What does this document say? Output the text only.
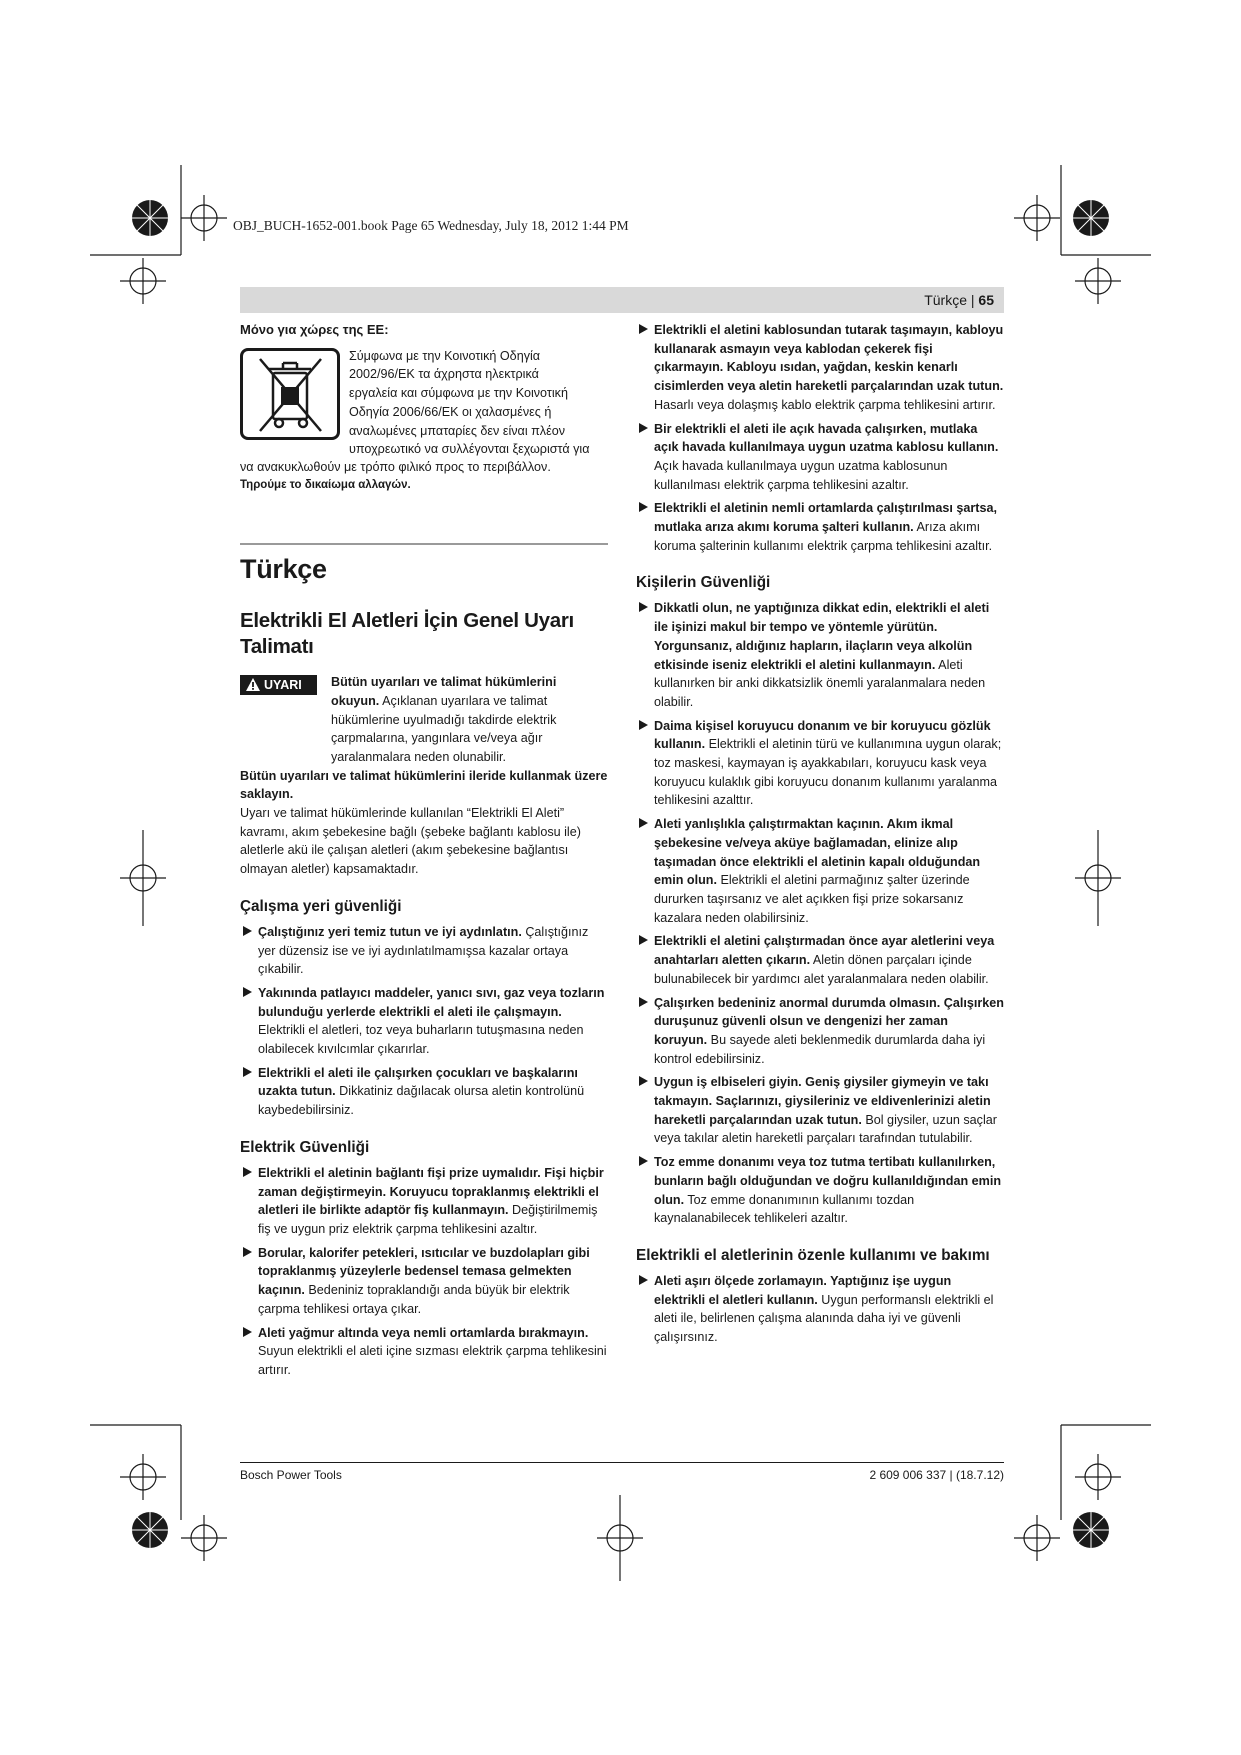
OBJ_BUCH-1652-001.book Page 65 Wednesday, July 18, 2012 1:44 PM
Türkçe | 65

Μόνο για χώρες της ΕΕ:

Σύμφωνα με την Κοινοτική Οδηγία
2002/96/ΕΚ τα άχρηστα ηλεκτρικά
εργαλεία και σύμφωνα με την Κοινοτική
Οδηγία 2006/66/ΕΚ οι χαλασμένες ή
αναλωμένες μπαταρίες δεν είναι πλέον
υποχρεωτικό να συλλέγονται ξεχωριστά για

να ανακυκλωθούν με τρόπο φιλικό προς το περιβάλλον.

Τηρούμε το δικαίωμα αλλαγών.

Türkçe
Elektrikli El Aletleri İçin Genel Uyarı Talimatı
UYARI	Bütün uyarıları ve talimat hükümlerini okuyun. Açıklanan uyarılara ve talimat hükümlerine uyulmadığı takdirde elektrik çarpmalarına, yangınlara ve/veya ağır yaralanmalara neden olunabilir.

Bütün uyarıları ve talimat hükümlerini ileride kullanmak üzere saklayın.

Uyarı ve talimat hükümlerinde kullanılan “Elektrikli El Aleti” kavramı, akım şebekesine bağlı (şebeke bağlantı kablosu ile) aletlerle akü ile çalışan aletleri (akım şebekesine bağlantısı olmayan aletler) kapsamaktadır.

Çalışma yeri güvenliği
Çalıştığınız yeri temiz tutun ve iyi aydınlatın. Çalıştığınız yer düzensiz ise ve iyi aydınlatılmamışsa kazalar ortaya çıkabilir.
Yakınında patlayıcı maddeler, yanıcı sıvı, gaz veya tozların bulunduğu yerlerde elektrikli el aleti ile çalışmayın. Elektrikli el aletleri, toz veya buharların tutuşmasına neden olabilecek kıvılcımlar çıkarırlar.
Elektrikli el aleti ile çalışırken çocukları ve başkalarını uzakta tutun. Dikkatiniz dağılacak olursa aletin kontrolünü kaybedebilirsiniz.
Elektrik Güvenliği
Elektrikli el aletinin bağlantı fişi prize uymalıdır. Fişi hiçbir zaman değiştirmeyin. Koruyucu topraklanmış elektrikli el aletleri ile birlikte adaptör fiş kullanmayın. Değiştirilmemiş fiş ve uygun priz elektrik çarpma tehlikesini azaltır.
Borular, kalorifer petekleri, ısıtıcılar ve buzdolapları gibi topraklanmış yüzeylerle bedensel temasa gelmekten kaçının. Bedeniniz topraklandığı anda büyük bir elektrik çarpma tehlikesi ortaya çıkar.
Aleti yağmur altında veya nemli ortamlarda bırakmayın. Suyun elektrikli el aleti içine sızması elektrik çarpma tehlikesini artırır.
Elektrikli el aletini kablosundan tutarak taşımayın, kabloyu kullanarak asmayın veya kablodan çekerek fişi çıkarmayın. Kabloyu ısıdan, yağdan, keskin kenarlı cisimlerden veya aletin hareketli parçalarından uzak tutun. Hasarlı veya dolaşmış kablo elektrik çarpma tehlikesini artırır.
Bir elektrikli el aleti ile açık havada çalışırken, mutlaka açık havada kullanılmaya uygun uzatma kablosu kullanın. Açık havada kullanılmaya uygun uzatma kablosunun kullanılması elektrik çarpma tehlikesini azaltır.
Elektrikli el aletinin nemli ortamlarda çalıştırılması şartsa, mutlaka arıza akımı koruma şalteri kullanın. Arıza akımı koruma şalterinin kullanımı elektrik çarpma tehlikesini azaltır.
Kişilerin Güvenliği
Dikkatli olun, ne yaptığınıza dikkat edin, elektrikli el aleti ile işinizi makul bir tempo ve yöntemle yürütün. Yorgunsanız, aldığınız hapların, ilaçların veya alkolün etkisinde iseniz elektrikli el aletini kullanmayın. Aleti kullanırken bir anki dikkatsizlik önemli yaralanmalara neden olabilir.
Daima kişisel koruyucu donanım ve bir koruyucu gözlük kullanın. Elektrikli el aletinin türü ve kullanımına uygun olarak; toz maskesi, kaymayan iş ayakkabıları, koruyucu kask veya koruyucu kulaklık gibi koruyucu donanım kullanımı yaralanma tehlikesini azalttır.
Aleti yanlışlıkla çalıştırmaktan kaçının. Akım ikmal şebekesine ve/veya aküye bağlamadan, elinize alıp taşımadan önce elektrikli el aletinin kapalı olduğundan emin olun. Elektrikli el aletini parmağınız şalter üzerinde dururken taşırsanız ve alet açıkken fişi prize sokarsanız kazalara neden olabilirsiniz.
Elektrikli el aletini çalıştırmadan önce ayar aletlerini veya anahtarları aletten çıkarın. Aletin dönen parçaları içinde bulunabilecek bir yardımcı alet yaralanmalara neden olabilir.
Çalışırken bedeniniz anormal durumda olmasın. Çalışırken duruşunuz güvenli olsun ve dengenizi her zaman koruyun. Bu sayede aleti beklenmedik durumlarda daha iyi kontrol edebilirsiniz.
Uygun iş elbiseleri giyin. Geniş giysiler giymeyin ve takı takmayın. Saçlarınızı, giysileriniz ve eldivenlerinizi aletin hareketli parçalarından uzak tutun. Bol giysiler, uzun saçlar veya takılar aletin hareketli parçaları tarafından tutulabilir.
Toz emme donanımı veya toz tutma tertibatı kullanılırken, bunların bağlı olduğundan ve doğru kullanıldığından emin olun. Toz emme donanımının kullanımı tozdan kaynalanabilecek tehlikeleri azaltır.
Elektrikli el aletlerinin özenle kullanımı ve bakımı
Aleti aşırı ölçede zorlamayın. Yaptığınız işe uygun elektrikli el aletleri kullanın. Uygun performanslı elektrikli el aleti ile, belirlenen çalışma alanında daha iyi ve güvenli çalışırsınız.
Bosch Power Tools	2 609 006 337 | (18.7.12)
